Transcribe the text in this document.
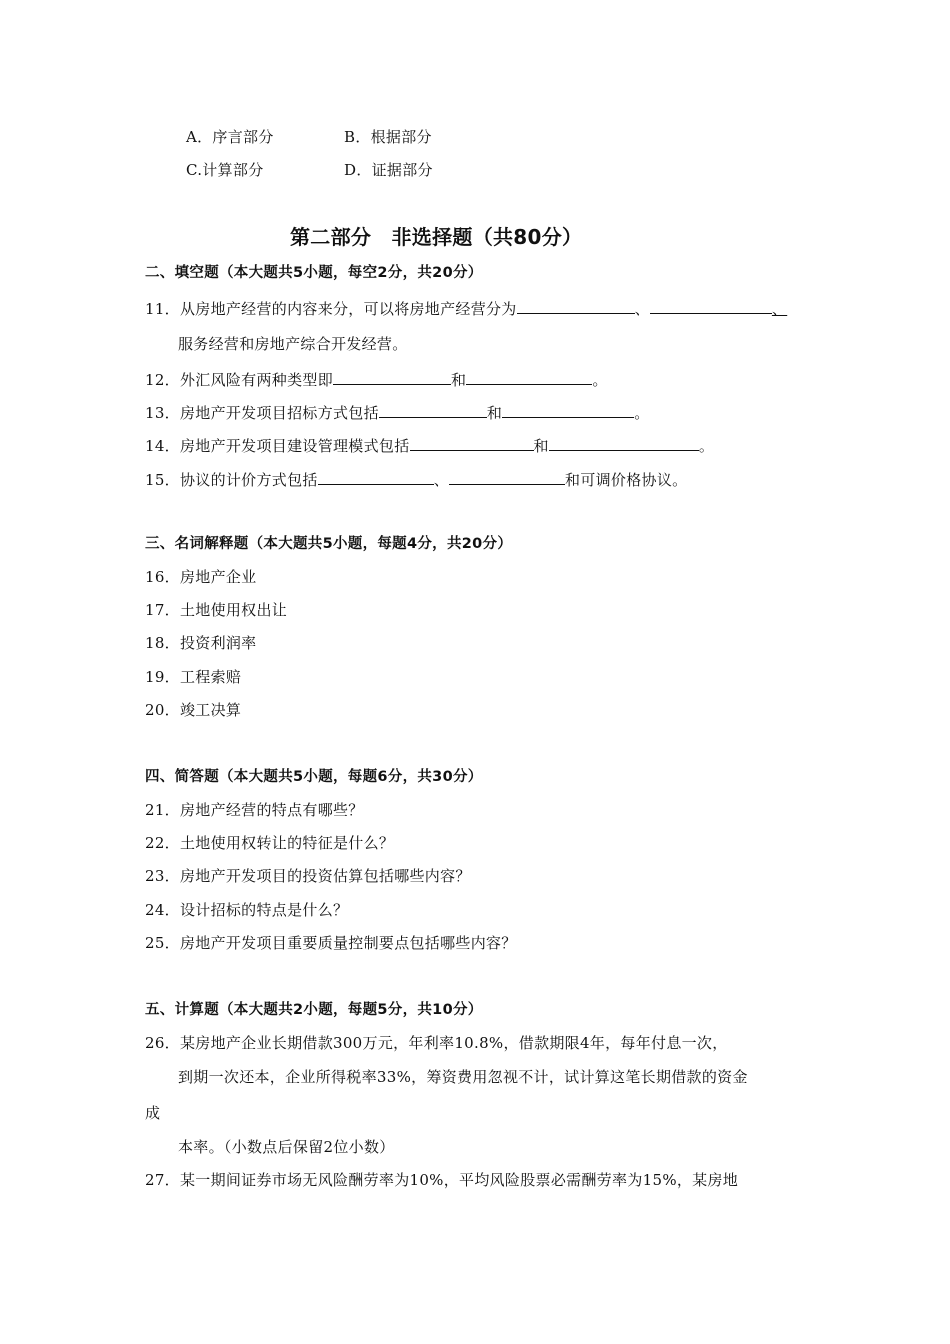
A．序言部分	B．根据部分
C.计算部分	D．证据部分
第二部分　非选择题（共80分）
二、填空题（本大题共5小题，每空2分，共20分）
11．从房地产经营的内容来分，可以将房地产经营分为	、	、
服务经营和房地产综合开发经营。
12．外汇风险有两种类型即	和	。
13．房地产开发项目招标方式包括	和	。
14．房地产开发项目建设管理模式包括	和	。
15．协议的计价方式包括	、	和可调价格协议。
三、名词解释题（本大题共5小题，每题4分，共20分）
16．房地产企业
17．土地使用权出让
18．投资利润率
19．工程索赔
20．竣工决算
四、简答题（本大题共5小题，每题6分，共30分）
21．房地产经营的特点有哪些？
22．土地使用权转让的特征是什么？
23．房地产开发项目的投资估算包括哪些内容？
24．设计招标的特点是什么？
25．房地产开发项目重要质量控制要点包括哪些内容？
五、计算题（本大题共2小题，每题5分，共10分）
26．某房地产企业长期借款300万元，年利率10.8%，借款期限4年，每年付息一次，
到期一次还本，企业所得税率33%，筹资费用忽视不计，试计算这笔长期借款的资金
成
本率。（小数点后保留2位小数）
27．某一期间证券市场无风险酬劳率为10%，平均风险股票必需酬劳率为15%，某房地
